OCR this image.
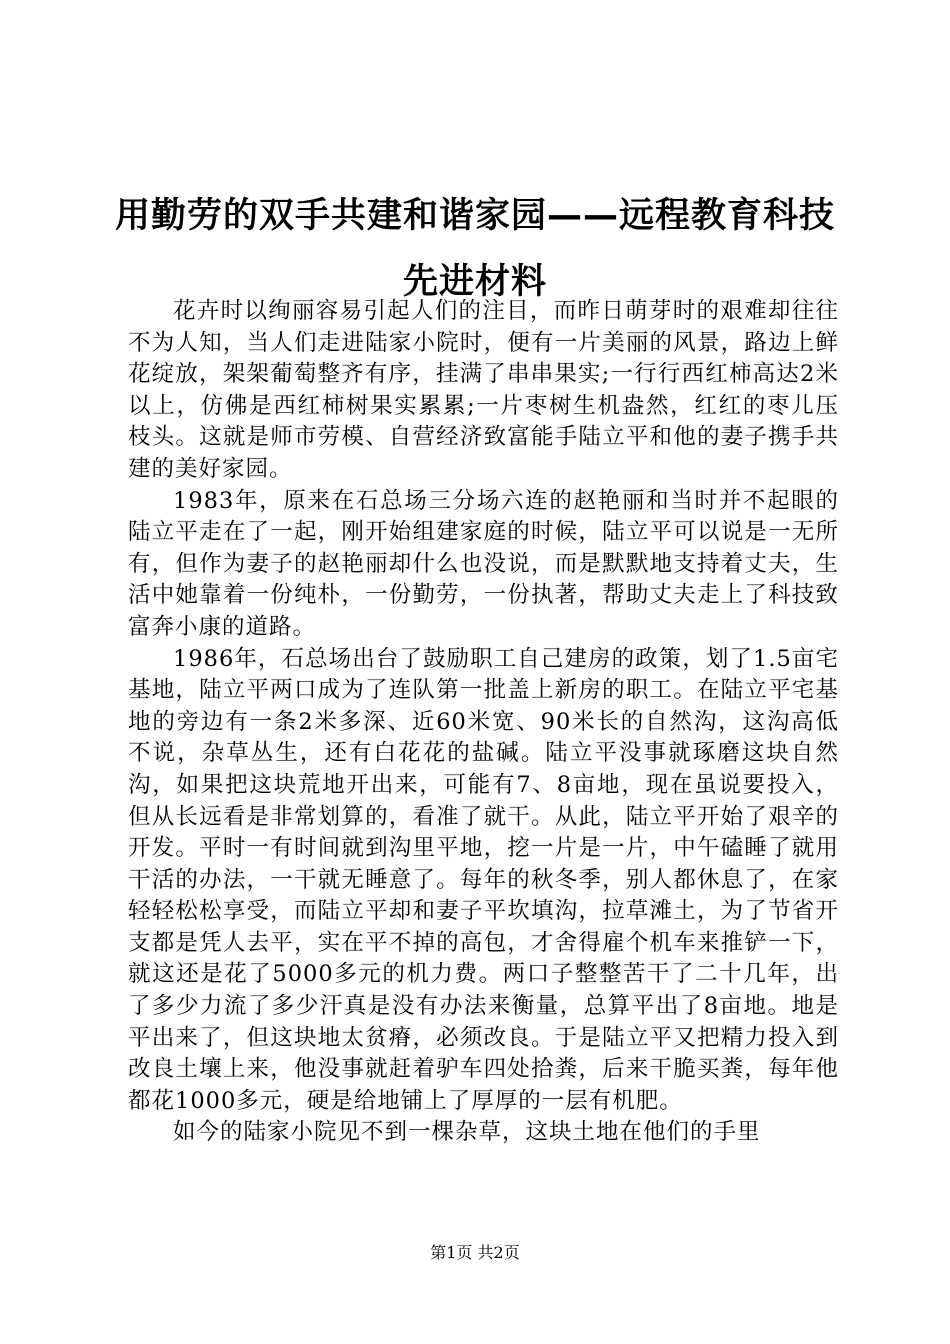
用勤劳的双手共建和谐家园——远程教育科技
先进材料

花卉时以绚丽容易引起人们的注目，而昨日萌芽时的艰难却往往不为人知，当人们走进陆家小院时，便有一片美丽的风景，路边上鲜花绽放，架架葡萄整齐有序，挂满了串串果实;一行行西红柿高达2米以上，仿佛是西红柿树果实累累;一片枣树生机盎然，红红的枣儿压枝头。这就是师市劳模、自营经济致富能手陆立平和他的妻子携手共建的美好家园。

1983年，原来在石总场三分场六连的赵艳丽和当时并不起眼的陆立平走在了一起，刚开始组建家庭的时候，陆立平可以说是一无所有，但作为妻子的赵艳丽却什么也没说，而是默默地支持着丈夫，生活中她靠着一份纯朴，一份勤劳，一份执著，帮助丈夫走上了科技致富奔小康的道路。

1986年，石总场出台了鼓励职工自己建房的政策，划了1.5亩宅基地，陆立平两口成为了连队第一批盖上新房的职工。在陆立平宅基地的旁边有一条2米多深、近60米宽、90米长的自然沟，这沟高低不说，杂草丛生，还有白花花的盐碱。陆立平没事就琢磨这块自然沟，如果把这块荒地开出来，可能有7、8亩地，现在虽说要投入，但从长远看是非常划算的，看准了就干。从此，陆立平开始了艰辛的开发。平时一有时间就到沟里平地，挖一片是一片，中午磕睡了就用干活的办法，一干就无睡意了。每年的秋冬季，别人都休息了，在家轻轻松松享受，而陆立平却和妻子平坎填沟，拉草滩土，为了节省开支都是凭人去平，实在平不掉的高包，才舍得雇个机车来推铲一下，就这还是花了5000多元的机力费。两口子整整苦干了二十几年，出了多少力流了多少汗真是没有办法来衡量，总算平出了8亩地。地是平出来了，但这块地太贫瘠，必须改良。于是陆立平又把精力投入到改良土壤上来，他没事就赶着驴车四处拾粪，后来干脆买粪，每年他都花1000多元，硬是给地铺上了厚厚的一层有机肥。

如今的陆家小院见不到一棵杂草，这块土地在他们的手里

第1页 共2页
